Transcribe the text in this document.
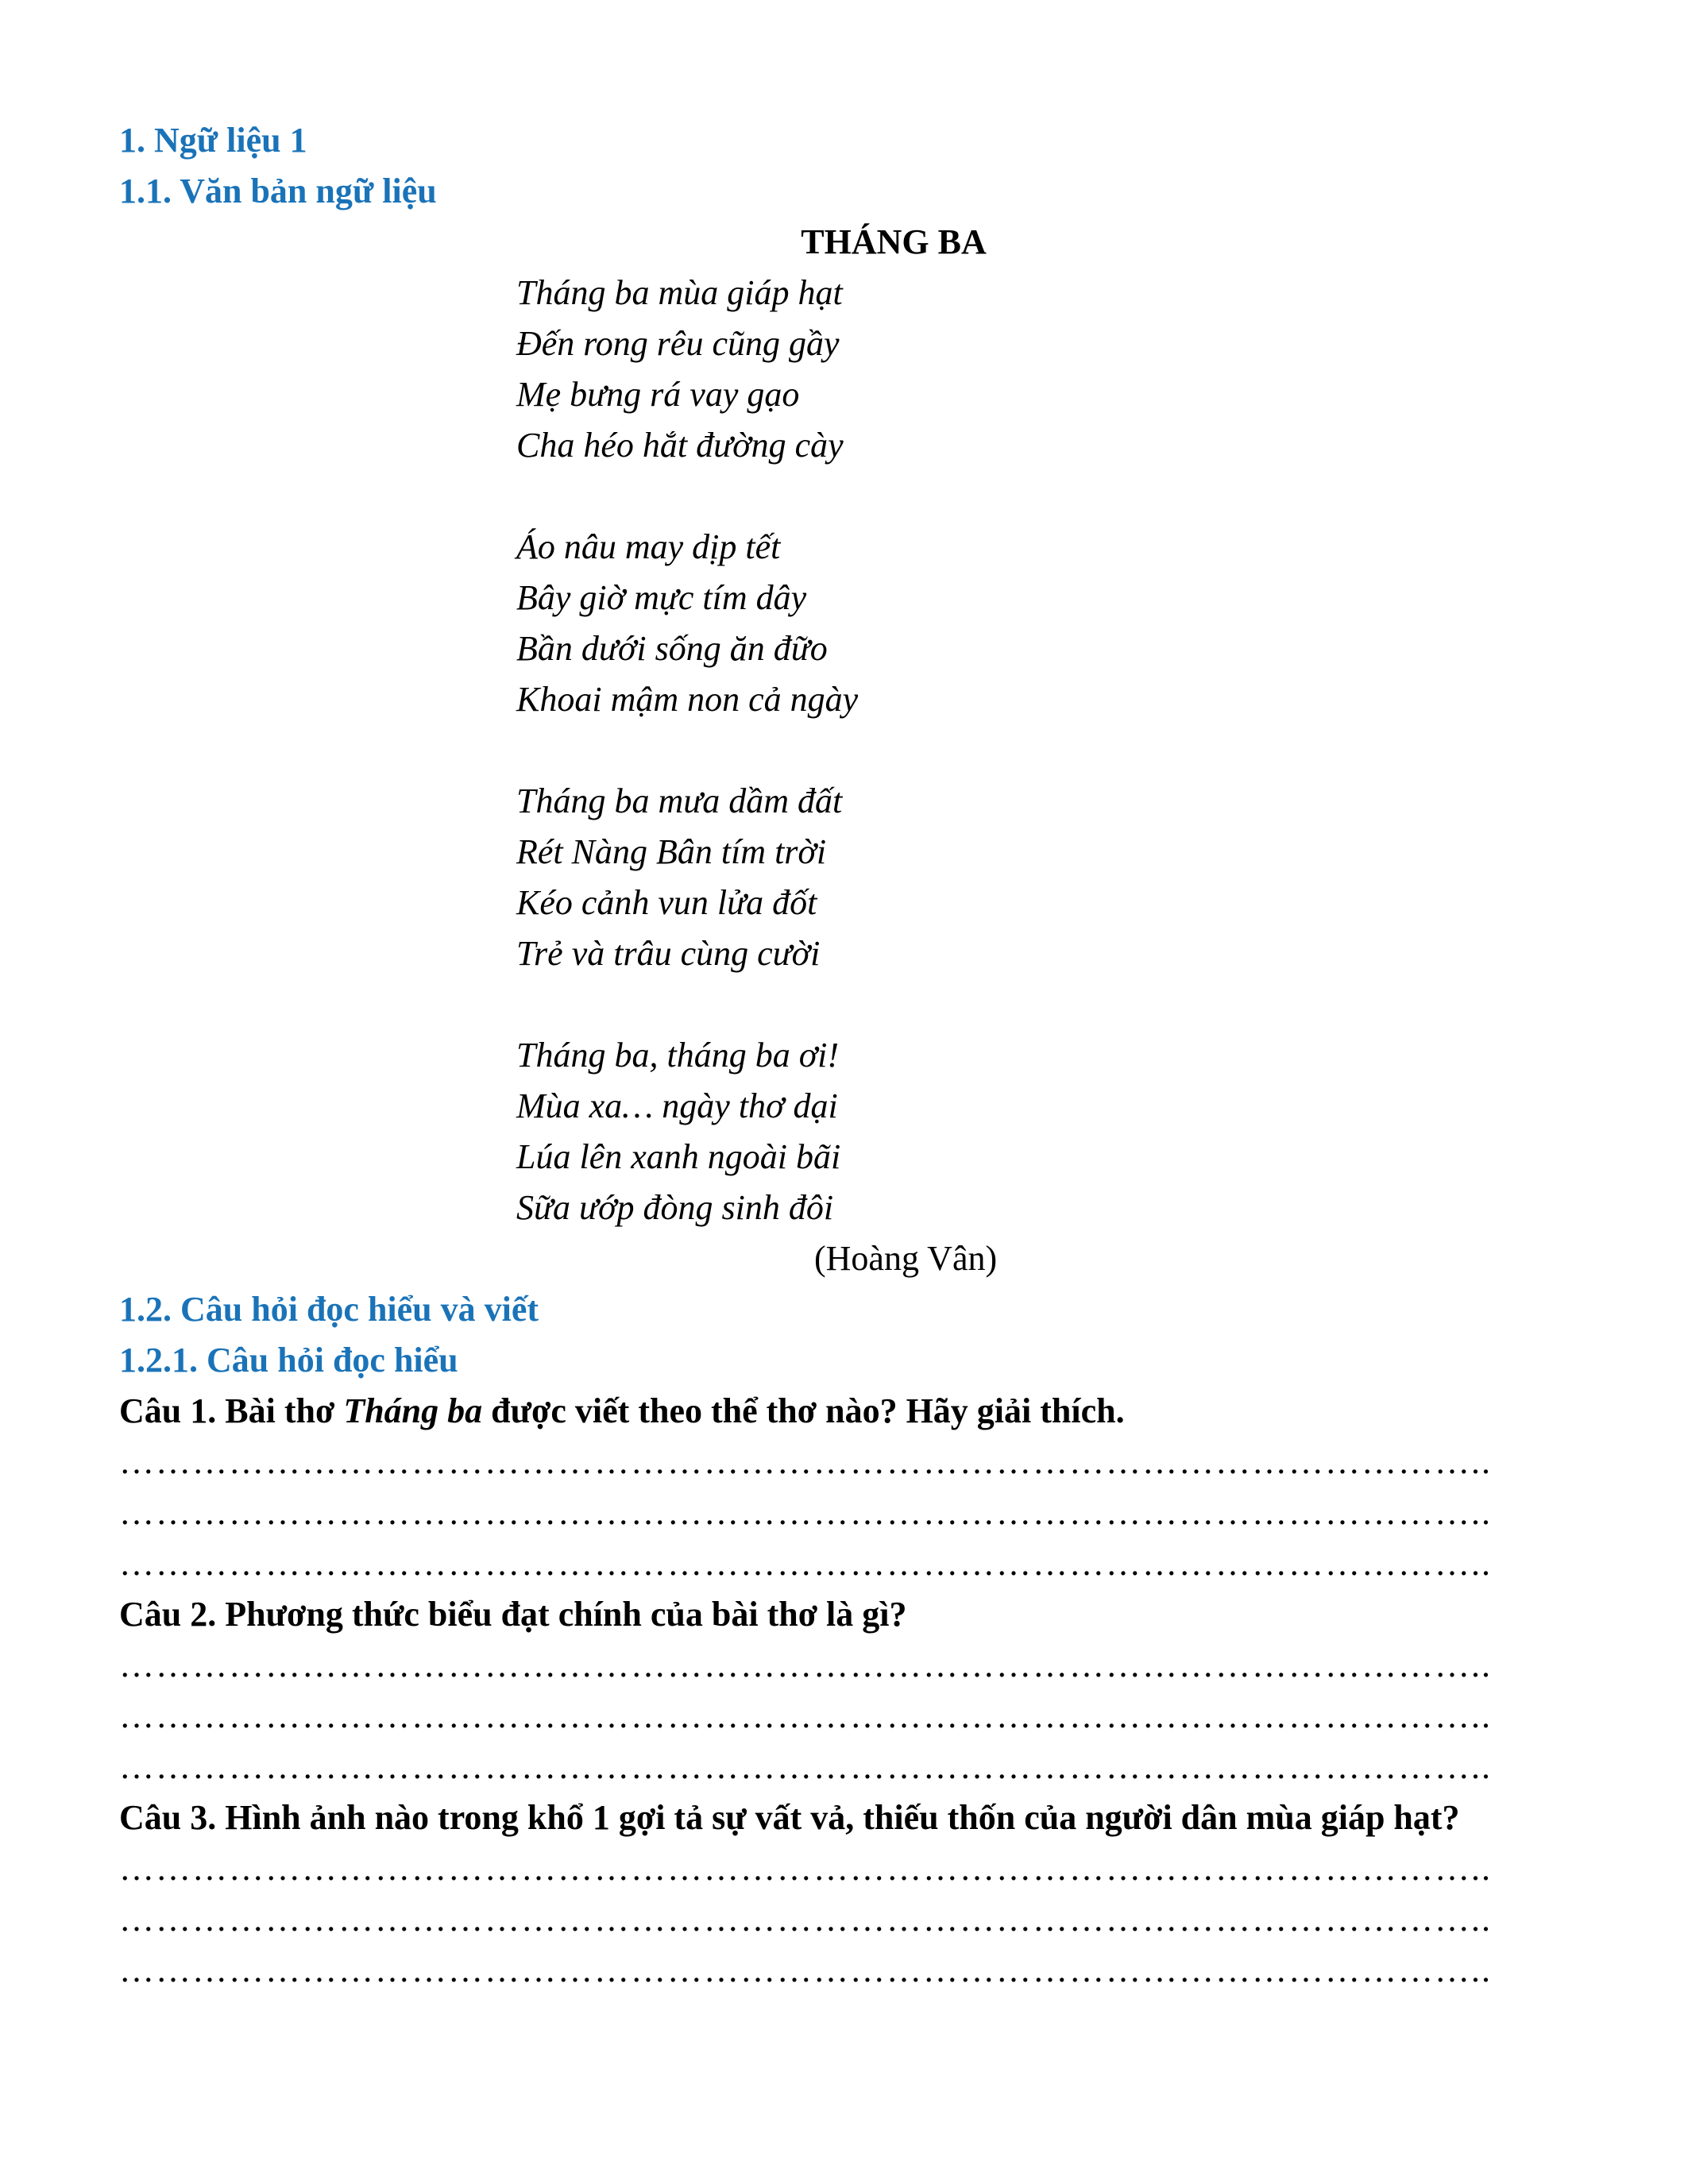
1. Ngữ liệu 1
1.1. Văn bản ngữ liệu
THÁNG BA
Tháng ba mùa giáp hạt
Đến rong rêu cũng gầy
Mẹ bưng rá vay gạo
Cha héo hắt đường cày
Áo nâu may dịp tết
Bây giờ mực tím dây
Bần dưới sống ăn đữo
Khoai mậm non cả ngày
Tháng ba mưa dầm đất
Rét Nàng Bân tím trời
Kéo cảnh vun lửa đốt
Trẻ và trâu cùng cười
Tháng ba, tháng ba ơi!
Mùa xa… ngày thơ dại
Lúa lên xanh ngoài bãi
Sữa ướp đòng sinh đôi
(Hoàng Vân)
1.2. Câu hỏi đọc hiểu và viết
1.2.1. Câu hỏi đọc hiểu
Câu 1. Bài thơ Tháng ba được viết theo thể thơ nào? Hãy giải thích.
…………………………………………………………………………………………………..
…………………………………………………………………………………………………..
…………………………………………………………………………………………………..
Câu 2. Phương thức biểu đạt chính của bài thơ là gì?
…………………………………………………………………………………………………..
…………………………………………………………………………………………………..
…………………………………………………………………………………………………..
Câu 3. Hình ảnh nào trong khổ 1 gợi tả sự vất vả, thiếu thốn của người dân mùa giáp hạt?
…………………………………………………………………………………………………..
…………………………………………………………………………………………………..
…………………………………………………………………………………………………..
